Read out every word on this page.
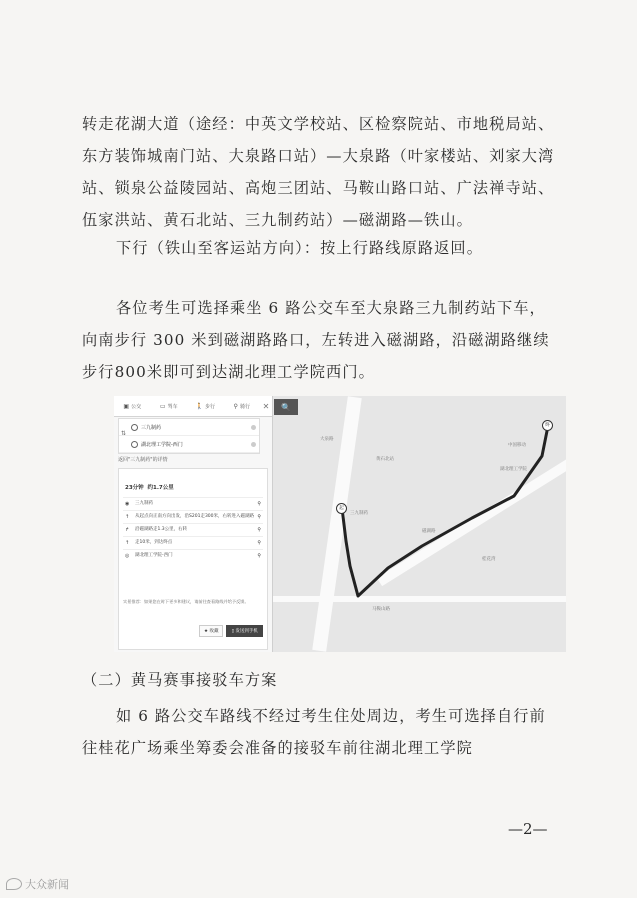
转走花湖大道（途经：中英文学校站、区检察院站、市地税局站、东方装饰城南门站、大泉路口站）—大泉路（叶家楼站、刘家大湾站、锁泉公益陵园站、高炮三团站、马鞍山路口站、广法禅寺站、伍家洪站、黄石北站、三九制药站）—磁湖路—铁山。

下行（铁山至客运站方向）：按上行路线原路返回。

各位考生可选择乘坐 6 路公交车至大泉路三九制药站下车，向南步行 300 米到磁湖路路口，左转进入磁湖路，沿磁湖路继续步行800米即可到达湖北理工学院西门。

起
终
三九制药
大泉路
磁湖路
湖北理工学院
黄石北站
桂花湾
马鞍山路
中国移动
🔍
▣ 公交	▭ 驾车	🚶 步行	⚲ 骑行	✕
⇅
三九制药
湖北理工学院-西门
返回"三九制药"的详情
23分钟 约1.7公里
◉ 三九制药	⚲
↑ 从起点向正南方向出发，沿S201走300米，右转进入磁湖路 ⚲
↱ 沿磁湖路走1.3公里，右转	⚲
↑ 走10米，到达终点	⚲
◎ 湖北理工学院-西门	⚲
实景推荐：如果您在时下更多和建议，请前往查看路线并给予反馈。
★ 收藏	▯ 发送到手机

（二）黄马赛事接驳车方案

如 6 路公交车路线不经过考生住处周边，考生可选择自行前往桂花广场乘坐筹委会准备的接驳车前往湖北理工学院

—2—
大众新闻
